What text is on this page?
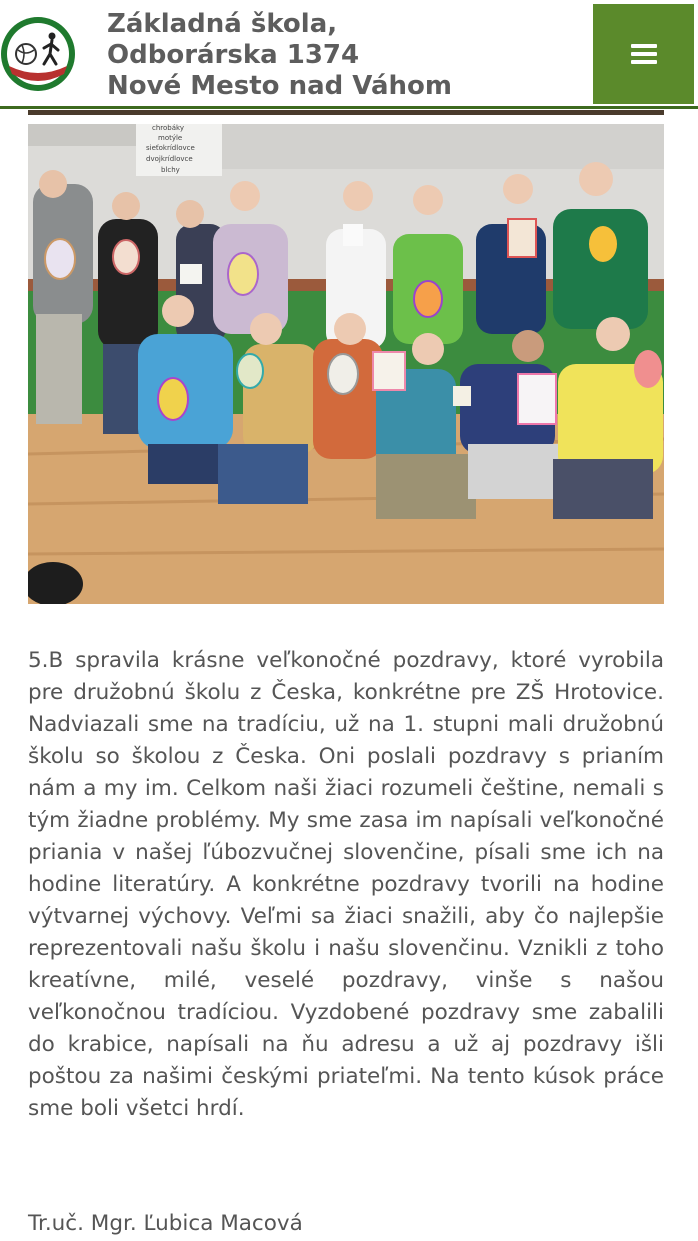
Základná škola,
Odborárska 1374
Nové Mesto nad Váhom
chrobáky
motýle
sieťokrídlovce
dvojkrídlovce
blchy

5.B spravila krásne veľkonočné pozdravy, ktoré vyrobila pre družobnú školu z Česka, konkrétne pre ZŠ Hrotovice. Nadviazali sme na tradíciu, už na 1. stupni mali družobnú školu so školou z Česka. Oni poslali pozdravy s prianím nám a my im. Celkom naši žiaci rozumeli češtine, nemali s tým žiadne problémy. My sme zasa im napísali veľkonočné priania v našej ľúbozvučnej slovenčine, písali sme ich na hodine literatúry. A konkrétne pozdravy tvorili na hodine výtvarnej výchovy. Veľmi sa žiaci snažili, aby čo najlepšie reprezentovali našu školu i našu slovenčinu. Vznikli z toho kreatívne, milé, veselé pozdravy, vinše s našou veľkonočnou tradíciou. Vyzdobené pozdravy sme zabalili do krabice, napísali na ňu adresu a už aj pozdravy išli poštou za našimi českými priateľmi. Na tento kúsok práce sme boli všetci hrdí.

Tr.uč. Mgr. Ľubica Macová
